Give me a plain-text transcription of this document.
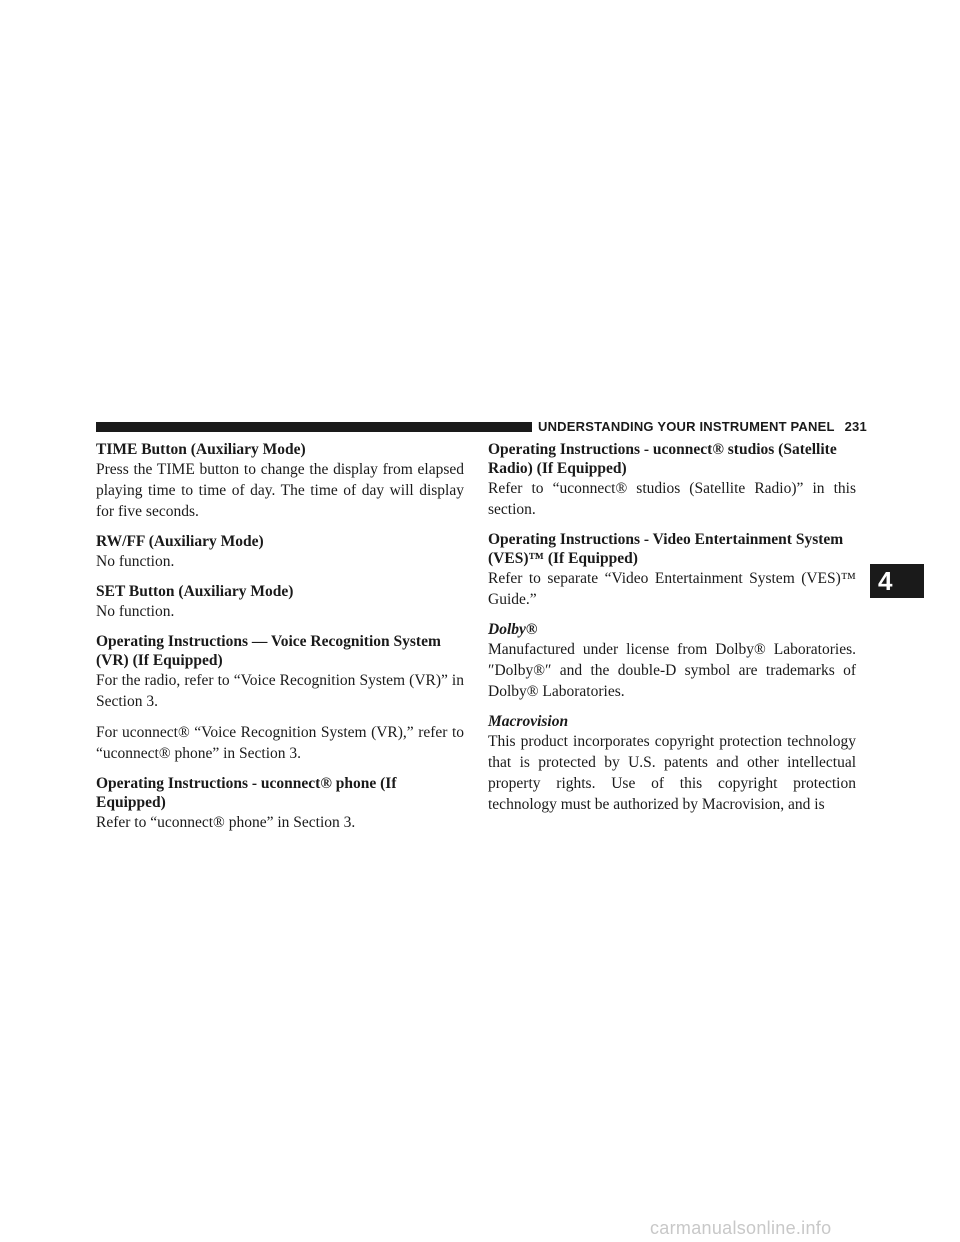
UNDERSTANDING YOUR INSTRUMENT PANEL 231
TIME Button (Auxiliary Mode)

Press the TIME button to change the display from elapsed playing time to time of day. The time of day will display for five seconds.

RW/FF (Auxiliary Mode)

No function.

SET Button (Auxiliary Mode)

No function.

Operating Instructions — Voice Recognition System (VR) (If Equipped)

For the radio, refer to “Voice Recognition System (VR)” in Section 3.

For uconnect® “Voice Recognition System (VR),” refer to “uconnect® phone” in Section 3.

Operating Instructions - uconnect® phone (If Equipped)

Refer to “uconnect® phone” in Section 3.

Operating Instructions - uconnect® studios (Satellite Radio) (If Equipped)

Refer to “uconnect® studios (Satellite Radio)” in this section.

Operating Instructions - Video Entertainment System (VES)™ (If Equipped)

Refer to separate “Video Entertainment System (VES)™ Guide.”

Dolby®

Manufactured under license from Dolby® Laboratories. ″Dolby®″ and the double-D symbol are trademarks of Dolby® Laboratories.

Macrovision

This product incorporates copyright protection technology that is protected by U.S. patents and other intellectual property rights. Use of this copyright protection technology must be authorized by Macrovision, and is

4
carmanualsonline.info
